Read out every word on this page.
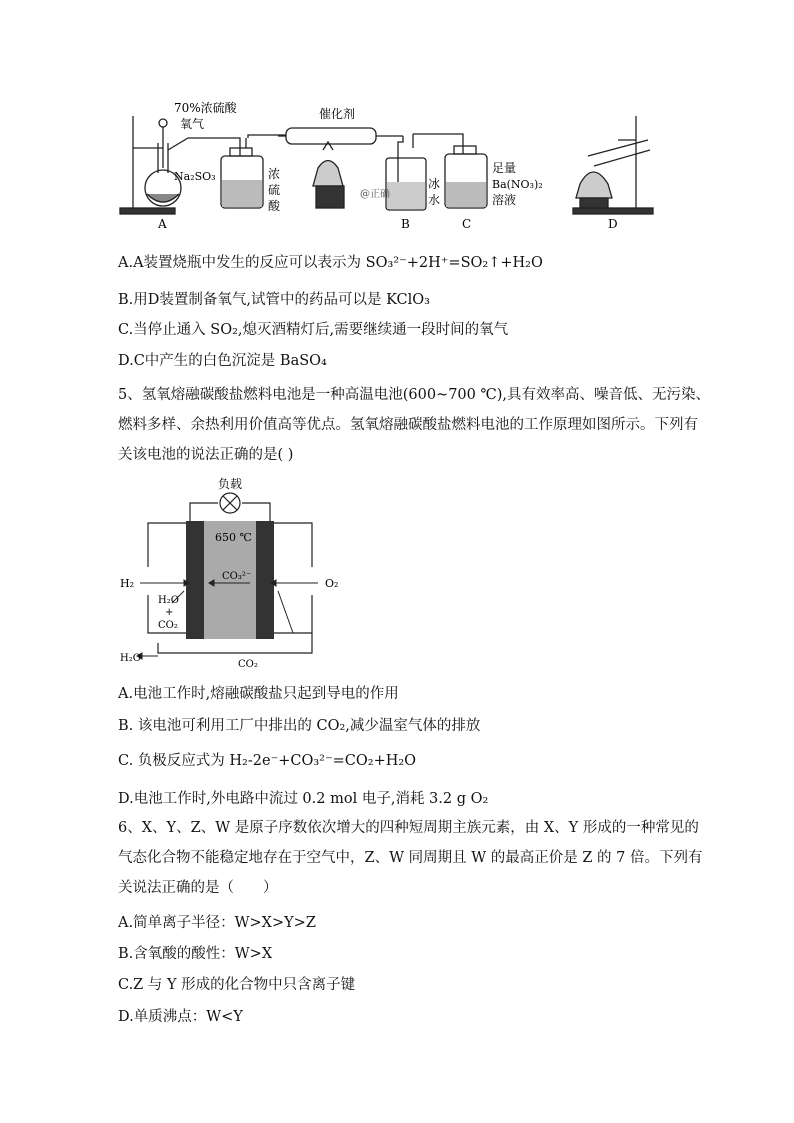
70%浓硫酸
氧气
Na₂SO₃
催化剂
浓
硫
酸
@正确
冰
水
足量
Ba(NO₃)₂
溶液
A	B	C	D
A.A装置烧瓶中发生的反应可以表示为 SO₃²⁻+2H⁺=SO₂↑+H₂O
B.用D装置制备氧气,试管中的药品可以是 KClO₃
C.当停止通入 SO₂,熄灭酒精灯后,需要继续通一段时间的氧气
D.C中产生的白色沉淀是 BaSO₄

5、氢氧熔融碳酸盐燃料电池是一种高温电池(600~700 ℃),具有效率高、噪音低、无污染、

燃料多样、余热利用价值高等优点。氢氧熔融碳酸盐燃料电池的工作原理如图所示。下列有

关该电池的说法正确的是( )

负载
650 ℃
CO₃²⁻
H₂	O₂
H₂O
+
CO₂
H₂O
CO₂
A.电池工作时,熔融碳酸盐只起到导电的作用
B. 该电池可利用工厂中排出的 CO₂,减少温室气体的排放
C. 负极反应式为 H₂-2e⁻+CO₃²⁻=CO₂+H₂O
D.电池工作时,外电路中流过 0.2 mol 电子,消耗 3.2 g O₂

6、X、Y、Z、W 是原子序数依次增大的四种短周期主族元素，由 X、Y 形成的一种常见的

气态化合物不能稳定地存在于空气中，Z、W 同周期且 W 的最高正价是 Z 的 7 倍。下列有

关说法正确的是（　　）

A.简单离子半径：W>X>Y>Z
B.含氧酸的酸性：W>X
C.Z 与 Y 形成的化合物中只含离子键
D.单质沸点：W<Y
